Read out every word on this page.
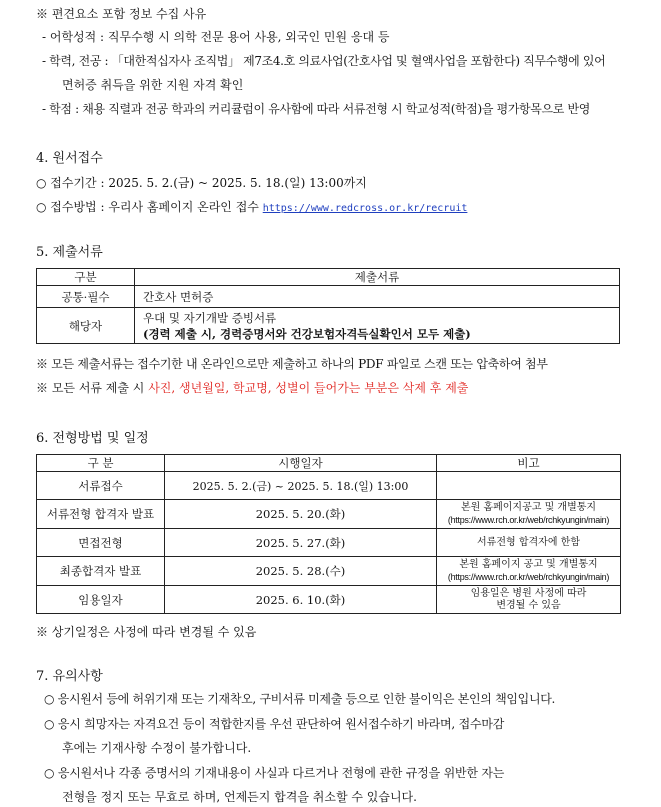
※ 편견요소 포함 정보 수집 사유
- 어학성적 : 직무수행 시 의학 전문 용어 사용, 외국인 민원 응대 등
- 학력, 전공 : 「대한적십자사 조직법」 제7조4.호 의료사업(간호사업 및 혈액사업을 포함한다) 직무수행에 있어
면허증 취득을 위한 지원 자격 확인
- 학점 : 채용 직렬과 전공 학과의 커리큘럼이 유사함에 따라 서류전형 시 학교성적(학점)을 평가항목으로 반영
4. 원서접수
○ 접수기간 : 2025. 5. 2.(금) ~ 2025. 5. 18.(일) 13:00까지
○ 접수방법 : 우리사 홈페이지 온라인 접수 https://www.redcross.or.kr/recruit
5. 제출서류
구분	제출서류
공통·필수	간호사 면허증
해당자	우대 및 자기개발 증빙서류
(경력 제출 시, 경력증명서와 건강보험자격득실확인서 모두 제출)
※ 모든 제출서류는 접수기한 내 온라인으로만 제출하고 하나의 PDF 파일로 스캔 또는 압축하여 첨부
※ 모든 서류 제출 시 사진, 생년월일, 학교명, 성별이 들어가는 부분은 삭제 후 제출
6. 전형방법 및 일정
구 분	시행일자	비고
서류접수	2025. 5. 2.(금) ~ 2025. 5. 18.(일) 13:00	
서류전형 합격자 발표	2025. 5. 20.(화)	본원 홈페이지공고 및 개별통지
(https://www.rch.or.kr/web/rchkyungin/main)

면접전형	2025. 5. 27.(화)	서류전형 합격자에 한함
최종합격자 발표	2025. 5. 28.(수)	본원 홈페이지 공고 및 개별통지
(https://www.rch.or.kr/web/rchkyungin/main)

임용일자	2025. 6. 10.(화)	임용일은 병원 사정에 따라
변경될 수 있음
※ 상기일정은 사정에 따라 변경될 수 있음
7. 유의사항
○ 응시원서 등에 허위기재 또는 기재착오, 구비서류 미제출 등으로 인한 불이익은 본인의 책임입니다.
○ 응시 희망자는 자격요건 등이 적합한지를 우선 판단하여 원서접수하기 바라며, 접수마감
후에는 기재사항 수정이 불가합니다.
○ 응시원서나 각종 증명서의 기재내용이 사실과 다르거나 전형에 관한 규정을 위반한 자는
전형을 정지 또는 무효로 하며, 언제든지 합격을 취소할 수 있습니다.
